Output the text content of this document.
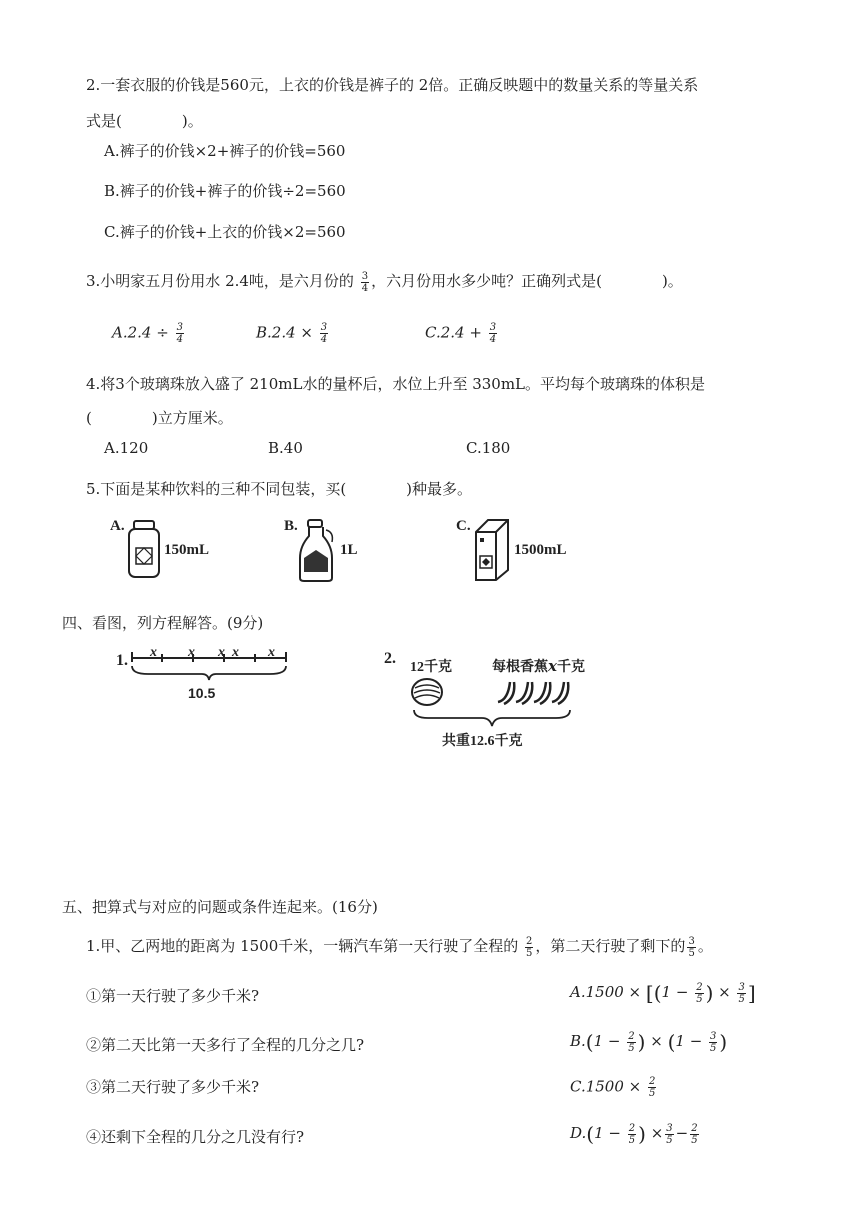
2.一套衣服的价钱是560元，上衣的价钱是裤子的 2倍。正确反映题中的数量关系的等量关系
式是(　　　　)。
A.裤子的价钱×2+裤子的价钱=560
B.裤子的价钱+裤子的价钱÷2=560
C.裤子的价钱+上衣的价钱×2=560
3.小明家五月份用水 2.4吨，是六月份的 $\frac{3}{4}$ ，六月份用水多少吨？正确列式是(　　　　)。
$A.2.4 \div \frac{3}{4}$	$B.2.4 \times \frac{3}{4}$	$C.2.4 + \frac{3}{4}$
4.将3个玻璃珠放入盛了 210mL水的量杯后，水位上升至 330mL。平均每个玻璃珠的体积是
(　　　　)立方厘米。
A.120	B.40	C.180
5.下面是某种饮料的三种不同包装，买(　　　　)种最多。
A.
150mL
B.
1L
C.
1500mL
四、看图，列方程解答。(9分)
1. x x x x x
10.5
2.
12千克	每根香蕉x千克
共重12.6千克
五、把算式与对应的问题或条件连起来。(16分)
1.甲、乙两地的距离为 1500千米，一辆汽车第一天行驶了全程的 $\frac{2}{5}$ ，第二天行驶了剩下的 $\frac{3}{5}$ 。
①第一天行驶了多少千米?
②第二天比第一天多行了全程的几分之几?
③第二天行驶了多少千米?
④还剩下全程的几分之几没有行?
$A.1500 \times [(1 - \frac{2}{5}$ ) × $\frac{3}{5}$ ]
$B.(1 - \frac{2}{5}$ ) × ($1 - \frac{3}{5}$ )
$C.1500 \times \frac{2}{5}$
$D.(1 - \frac{2}{5}$ ) × $\frac{3}{5} - \frac{2}{5}$
